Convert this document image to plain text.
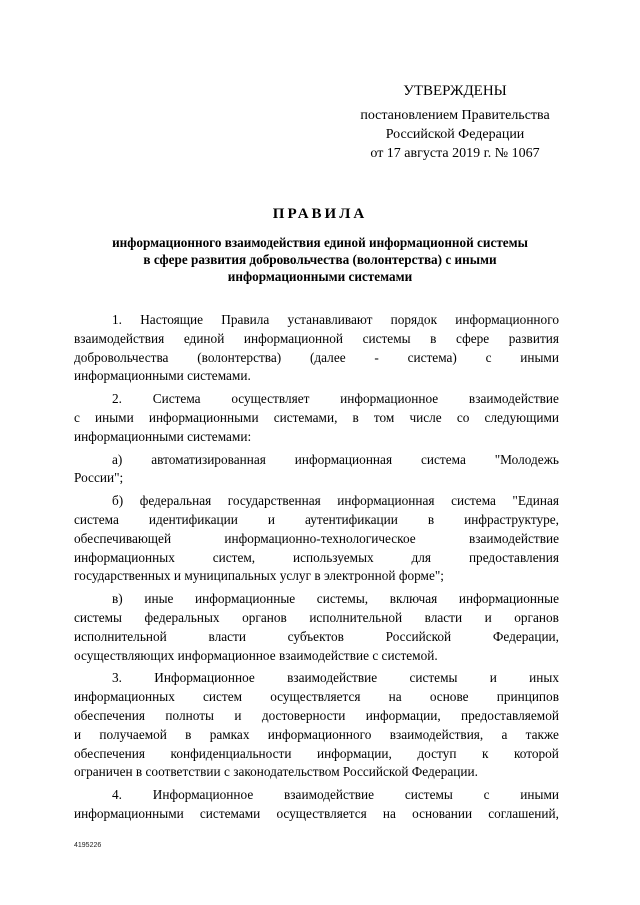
УТВЕРЖДЕНЫ
постановлением Правительства
Российской Федерации
от 17 августа 2019 г. № 1067
ПРАВИЛА
информационного взаимодействия единой информационной системы
в сфере развития добровольчества (волонтерства) с иными
информационными системами
1. Настоящие Правила устанавливают порядок информационного
взаимодействия единой информационной системы в сфере развития
добровольчества (волонтерства) (далее - система) с иными
информационными системами.
2. Система осуществляет информационное взаимодействие
с иными информационными системами, в том числе со следующими
информационными системами:
а) автоматизированная информационная система "Молодежь
России";
б) федеральная государственная информационная система "Единая
система идентификации и аутентификации в инфраструктуре,
обеспечивающей	информационно-технологическое	взаимодействие
информационных	систем,	используемых	для	предоставления
государственных и муниципальных услуг в электронной форме";
в) иные информационные системы, включая информационные
системы федеральных органов исполнительной власти и органов
исполнительной	власти	субъектов	Российской	Федерации,
осуществляющих информационное взаимодействие с системой.
3. Информационное взаимодействие системы и иных
информационных систем осуществляется на основе принципов
обеспечения полноты и достоверности информации, предоставляемой
и получаемой в рамках информационного взаимодействия, а также
обеспечения конфиденциальности информации, доступ к которой
ограничен в соответствии с законодательством Российской Федерации.
4. Информационное взаимодействие системы с иными
информационными системами осуществляется на основании соглашений,
4195226
